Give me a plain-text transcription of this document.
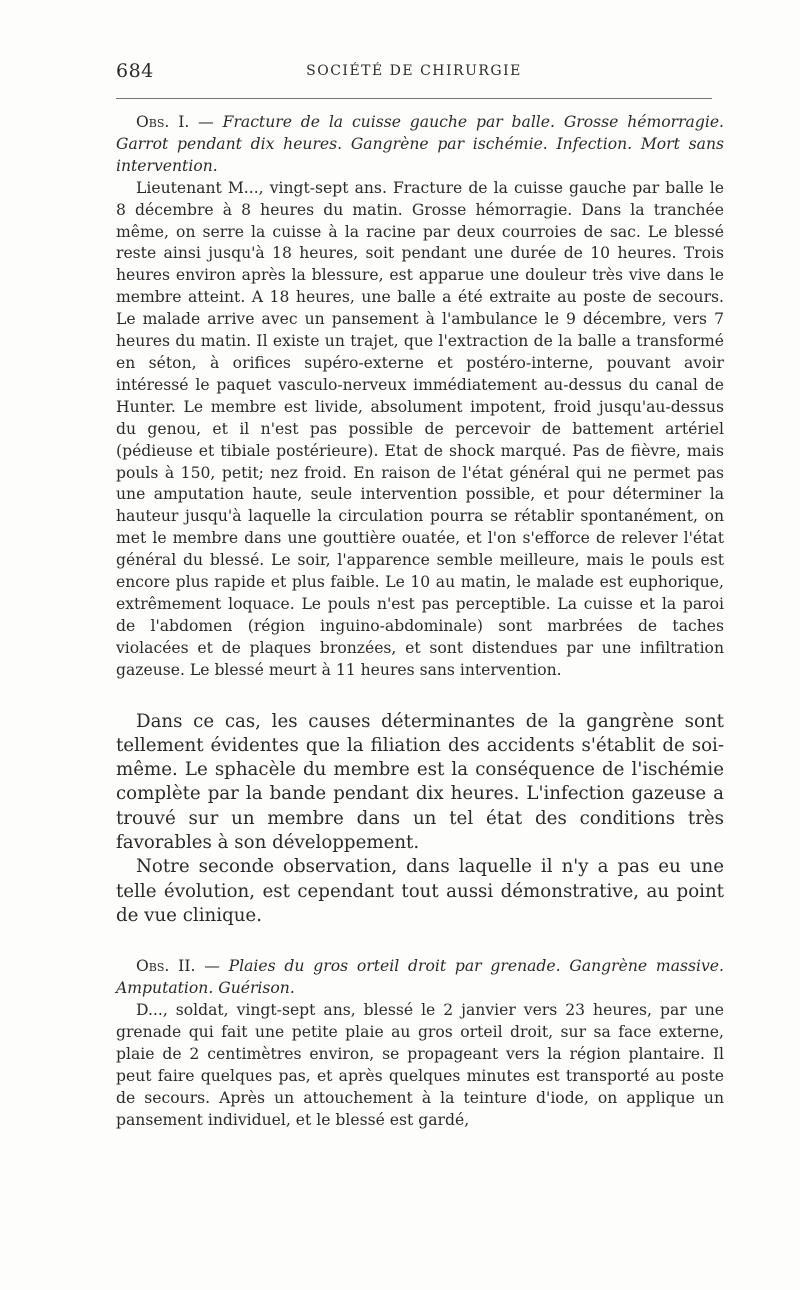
684	SOCIÉTÉ DE CHIRURGIE

Obs. I. — Fracture de la cuisse gauche par balle. Grosse hémorragie. Garrot pendant dix heures. Gangrène par ischémie. Infection. Mort sans intervention.

Lieutenant M..., vingt-sept ans. Fracture de la cuisse gauche par balle le 8 décembre à 8 heures du matin. Grosse hémorragie. Dans la tranchée même, on serre la cuisse à la racine par deux courroies de sac. Le blessé reste ainsi jusqu'à 18 heures, soit pendant une durée de 10 heures. Trois heures environ après la blessure, est apparue une douleur très vive dans le membre atteint. A 18 heures, une balle a été extraite au poste de secours. Le malade arrive avec un pansement à l'ambulance le 9 décembre, vers 7 heures du matin. Il existe un trajet, que l'extraction de la balle a transformé en séton, à orifices supéro-externe et postéro-interne, pouvant avoir intéressé le paquet vasculo-nerveux immédiatement au-dessus du canal de Hunter. Le membre est livide, absolument impotent, froid jusqu'au-dessus du genou, et il n'est pas possible de percevoir de battement artériel (pédieuse et tibiale postérieure). Etat de shock marqué. Pas de fièvre, mais pouls à 150, petit; nez froid. En raison de l'état général qui ne permet pas une amputation haute, seule intervention possible, et pour déterminer la hauteur jusqu'à laquelle la circulation pourra se rétablir spontanément, on met le membre dans une gouttière ouatée, et l'on s'efforce de relever l'état général du blessé. Le soir, l'apparence semble meilleure, mais le pouls est encore plus rapide et plus faible. Le 10 au matin, le malade est euphorique, extrêmement loquace. Le pouls n'est pas perceptible. La cuisse et la paroi de l'abdomen (région inguino-abdominale) sont marbrées de taches violacées et de plaques bronzées, et sont distendues par une infiltration gazeuse. Le blessé meurt à 11 heures sans intervention.

Dans ce cas, les causes déterminantes de la gangrène sont tellement évidentes que la filiation des accidents s'établit de soi-même. Le sphacèle du membre est la conséquence de l'ischémie complète par la bande pendant dix heures. L'infection gazeuse a trouvé sur un membre dans un tel état des conditions très favorables à son développement.

Notre seconde observation, dans laquelle il n'y a pas eu une telle évolution, est cependant tout aussi démonstrative, au point de vue clinique.

Obs. II. — Plaies du gros orteil droit par grenade. Gangrène massive. Amputation. Guérison.

D..., soldat, vingt-sept ans, blessé le 2 janvier vers 23 heures, par une grenade qui fait une petite plaie au gros orteil droit, sur sa face externe, plaie de 2 centimètres environ, se propageant vers la région plantaire. Il peut faire quelques pas, et après quelques minutes est transporté au poste de secours. Après un attouchement à la teinture d'iode, on applique un pansement individuel, et le blessé est gardé,
